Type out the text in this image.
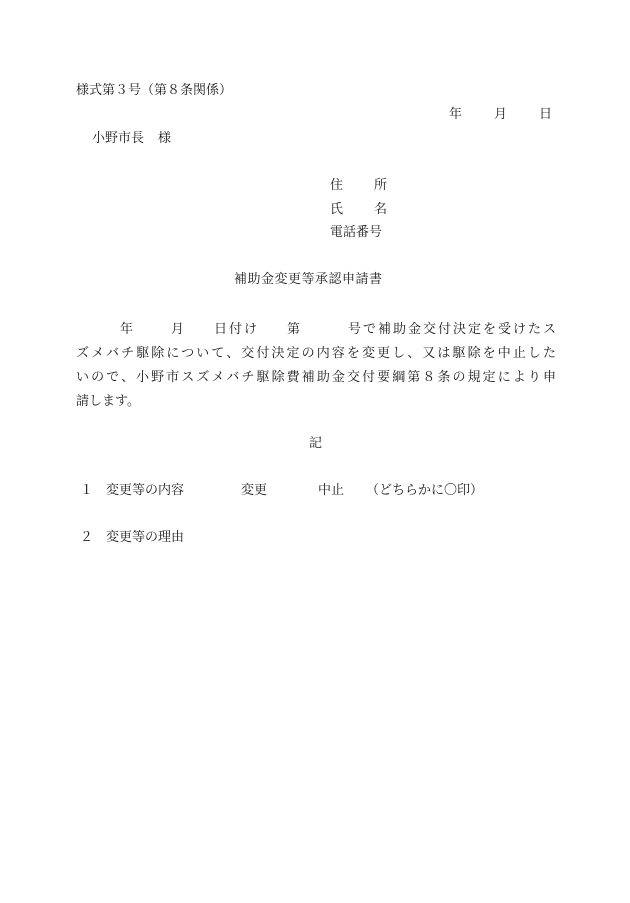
様式第３号（第８条関係）
年 月 日
小野市長 様
住 所
氏 名
電話番号
補助金変更等承認申請書
年	月 日付け 第	号で補助金交付決定を受けたス
ズメバチ駆除について、交付決定の内容を変更し、又は駆除を中止した
いので、小野市スズメバチ駆除費補助金交付要綱第８条の規定により申
請します。
記
１ 変更等の内容	変更	中止 （どちらかに〇印）
２ 変更等の理由
